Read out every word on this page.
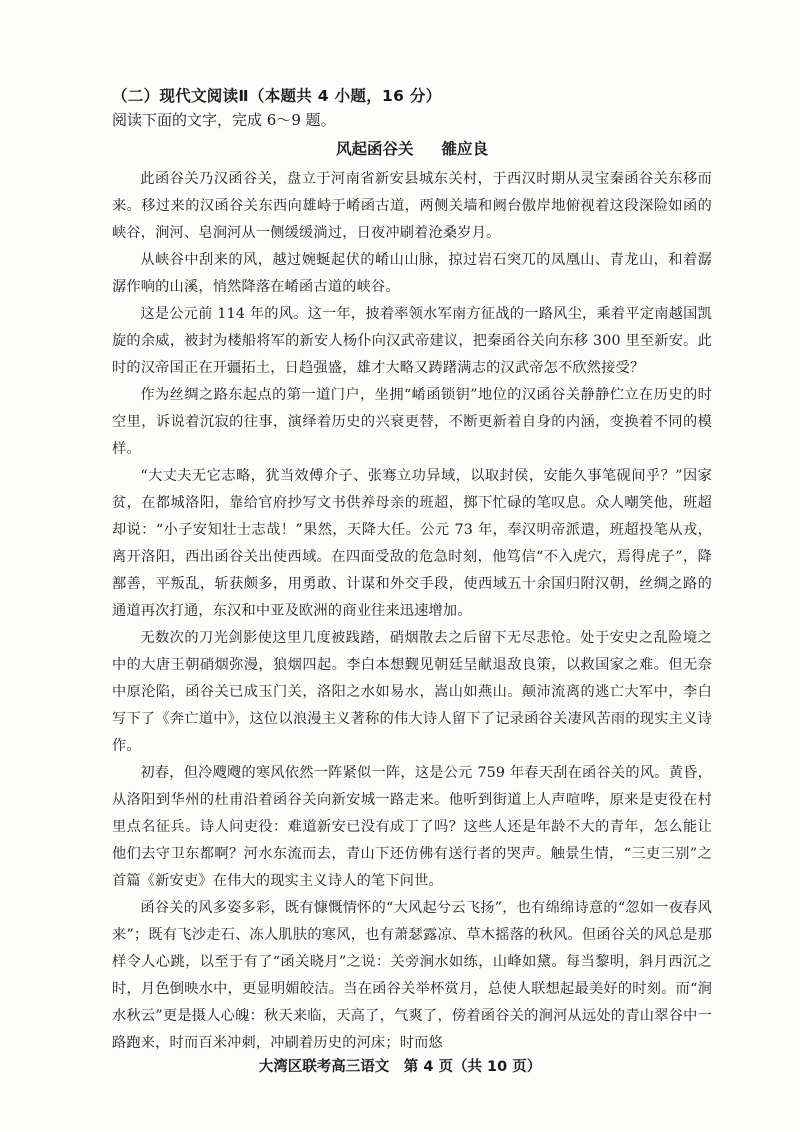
（二）现代文阅读Ⅱ（本题共 4 小题，16 分）

阅读下面的文字，完成 6～9 题。

风起函谷关 雒应良

此函谷关乃汉函谷关，盘立于河南省新安县城东关村，于西汉时期从灵宝秦函谷关东移而来。移过来的汉函谷关东西向雄峙于崤函古道，两侧关墙和阙台傲岸地俯视着这段深险如函的峡谷，涧河、皂涧河从一侧缓缓淌过，日夜冲刷着沧桑岁月。

从峡谷中刮来的风，越过婉蜒起伏的崤山山脉，掠过岩石突兀的凤凰山、青龙山，和着潺潺作响的山溪，悄然降落在崤函古道的峡谷。

这是公元前 114 年的风。这一年，披着率领水军南方征战的一路风尘，乘着平定南越国凯旋的余威，被封为楼船将军的新安人杨仆向汉武帝建议，把秦函谷关向东移 300 里至新安。此时的汉帝国正在开疆拓土，日趋强盛，雄才大略又踌躇满志的汉武帝怎不欣然接受？

作为丝绸之路东起点的第一道门户，坐拥“崤函锁钥”地位的汉函谷关静静伫立在历史的时空里，诉说着沉寂的往事，演绎着历史的兴衰更替，不断更新着自身的内涵，变换着不同的模样。

“大丈夫无它志略，犹当效傅介子、张骞立功异域，以取封侯，安能久事笔砚间乎？”因家贫，在都城洛阳，靠给官府抄写文书供养母亲的班超，掷下忙碌的笔叹息。众人嘲笑他，班超却说：“小子安知壮士志哉！”果然，天降大任。公元 73 年，奉汉明帝派遣，班超投笔从戎，离开洛阳，西出函谷关出使西域。在四面受敌的危急时刻，他笃信“不入虎穴，焉得虎子”，降鄯善，平叛乱，斩获颇多，用勇敢、计谋和外交手段，使西域五十余国归附汉朝，丝绸之路的通道再次打通，东汉和中亚及欧洲的商业往来迅速增加。

无数次的刀光剑影使这里几度被践踏，硝烟散去之后留下无尽悲怆。处于安史之乱险境之中的大唐王朝硝烟弥漫，狼烟四起。李白本想觐见朝廷呈献退敌良策，以救国家之难。但无奈中原沦陷，函谷关已成玉门关，洛阳之水如易水，嵩山如燕山。颠沛流离的逃亡大军中，李白写下了《奔亡道中》，这位以浪漫主义著称的伟大诗人留下了记录函谷关凄风苦雨的现实主义诗作。

初春，但冷飕飕的寒风依然一阵紧似一阵，这是公元 759 年春天刮在函谷关的风。黄昏，从洛阳到华州的杜甫沿着函谷关向新安城一路走来。他听到街道上人声喧哗，原来是吏役在村里点名征兵。诗人问吏役：难道新安已没有成丁了吗？这些人还是年龄不大的青年，怎么能让他们去守卫东都啊？河水东流而去，青山下还仿佛有送行者的哭声。触景生情，“三吏三别”之首篇《新安吏》在伟大的现实主义诗人的笔下问世。

函谷关的风多姿多彩，既有慷慨情怀的“大风起兮云飞扬”，也有绵绵诗意的“忽如一夜春风来”；既有飞沙走石、冻人肌肤的寒风，也有萧瑟露凉、草木摇落的秋风。但函谷关的风总是那样令人心跳，以至于有了“函关晓月”之说：关旁涧水如练，山峰如黛。每当黎明，斜月西沉之时，月色倒映水中，更显明媚皎洁。当在函谷关举杯赏月，总使人联想起最美好的时刻。而“涧水秋云”更是摄人心魄：秋天来临，天高了，气爽了，傍着函谷关的涧河从远处的青山翠谷中一路跑来，时而百米冲刺，冲刷着历史的河床；时而悠

大湾区联考高三语文　第 4 页（共 10 页）
